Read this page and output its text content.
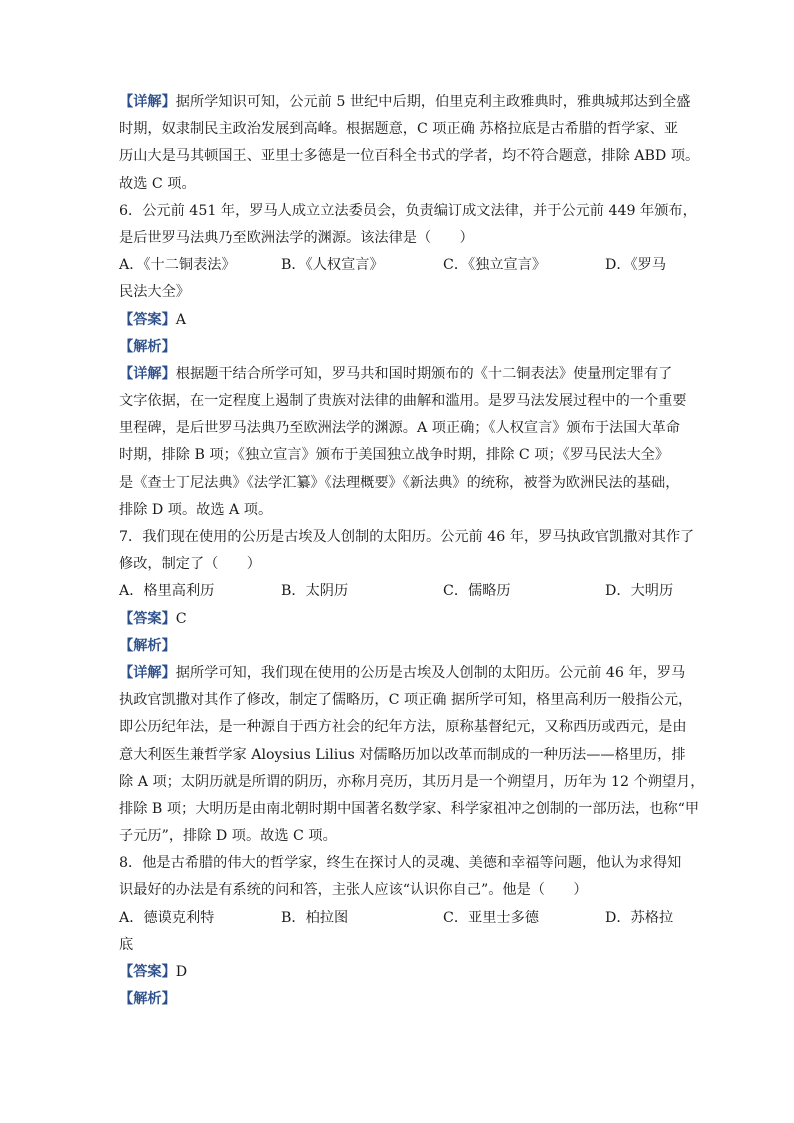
【详解】据所学知识可知，公元前 5 世纪中后期，伯里克利主政雅典时，雅典城邦达到全盛
时期，奴隶制民主政治发展到高峰。根据题意，C 项正确 苏格拉底是古希腊的哲学家、亚
历山大是马其顿国王、亚里士多德是一位百科全书式的学者，均不符合题意，排除 ABD 项。
故选 C 项。
6．公元前 451 年，罗马人成立立法委员会，负责编订成文法律，并于公元前 449 年颁布，
是后世罗马法典乃至欧洲法学的渊源。该法律是（　　）
A．《十二铜表法》	B．《人权宣言》	C．《独立宣言》	D．《罗马
民法大全》
【答案】A
【解析】
【详解】根据题干结合所学可知，罗马共和国时期颁布的《十二铜表法》使量刑定罪有了
文字依据，在一定程度上遏制了贵族对法律的曲解和滥用。是罗马法发展过程中的一个重要
里程碑，是后世罗马法典乃至欧洲法学的渊源。A 项正确；《人权宣言》颁布于法国大革命
时期，排除 B 项；《独立宣言》颁布于美国独立战争时期，排除 C 项；《罗马民法大全》
是《查士丁尼法典》《法学汇纂》《法理概要》《新法典》的统称，被誉为欧洲民法的基础，
排除 D 项。故选 A 项。
7．我们现在使用的公历是古埃及人创制的太阳历。公元前 46 年，罗马执政官凯撒对其作了
修改，制定了（　　）
A．格里高利历	B．太阴历	C．儒略历	D．大明历
【答案】C
【解析】
【详解】据所学可知，我们现在使用的公历是古埃及人创制的太阳历。公元前 46 年，罗马
执政官凯撒对其作了修改，制定了儒略历，C 项正确 据所学可知，格里高利历一般指公元，
即公历纪年法，是一种源自于西方社会的纪年方法，原称基督纪元，又称西历或西元，是由
意大利医生兼哲学家 Aloysius Lilius 对儒略历加以改革而制成的一种历法——格里历，排
除 A 项；太阴历就是所谓的阴历，亦称月亮历，其历月是一个朔望月，历年为 12 个朔望月，
排除 B 项；大明历是由南北朝时期中国著名数学家、科学家祖冲之创制的一部历法，也称“甲
子元历”，排除 D 项。故选 C 项。
8．他是古希腊的伟大的哲学家，终生在探讨人的灵魂、美德和幸福等问题，他认为求得知
识最好的办法是有系统的问和答，主张人应该“认识你自己”。他是（　　）
A．德谟克利特	B．柏拉图	C．亚里士多德	D．苏格拉
底
【答案】D
【解析】
